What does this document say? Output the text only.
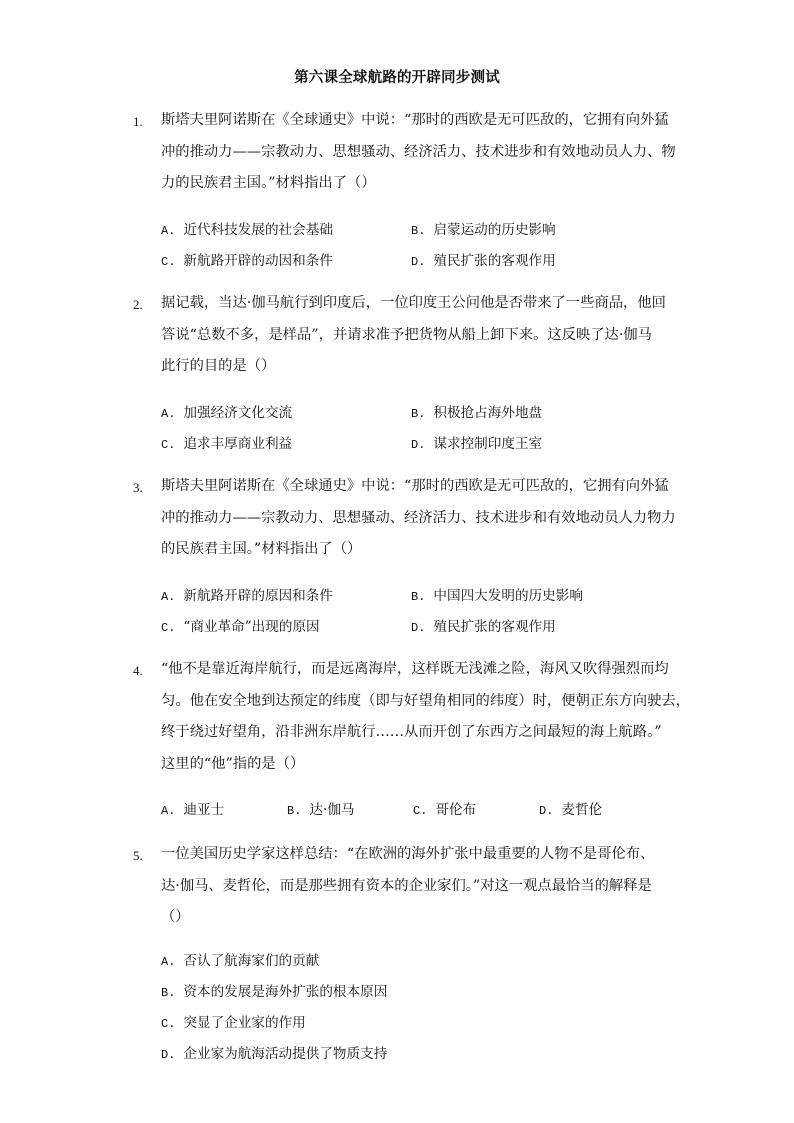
第六课全球航路的开辟同步测试
1. 斯塔夫里阿诺斯在《全球通史》中说：“那时的西欧是无可匹敌的，它拥有向外猛
冲的推动力——宗教动力、思想骚动、经济活力、技术进步和有效地动员人力、物
力的民族君主国。”材料指出了（）
A. 近代科技发展的社会基础	B. 启蒙运动的历史影响
C. 新航路开辟的动因和条件	D. 殖民扩张的客观作用
2. 据记载，当达·伽马航行到印度后，一位印度王公问他是否带来了一些商品，他回
答说“总数不多，是样品”，并请求准予把货物从船上卸下来。这反映了达·伽马
此行的目的是（）
A. 加强经济文化交流	B. 积极抢占海外地盘
C. 追求丰厚商业利益	D. 谋求控制印度王室
3. 斯塔夫里阿诺斯在《全球通史》中说：“那时的西欧是无可匹敌的，它拥有向外猛
冲的推动力——宗教动力、思想骚动、经济活力、技术进步和有效地动员人力物力
的民族君主国。”材料指出了（）
A. 新航路开辟的原因和条件	B. 中国四大发明的历史影响
C. “商业革命”出现的原因	D. 殖民扩张的客观作用
4. “他不是靠近海岸航行，而是远离海岸，这样既无浅滩之险，海风又吹得强烈而均
匀。他在安全地到达预定的纬度（即与好望角相同的纬度）时，便朝正东方向驶去，
终于绕过好望角，沿非洲东岸航行……从而开创了东西方之间最短的海上航路。”
这里的“他”指的是（）
A. 迪亚士	B. 达·伽马	C. 哥伦布	D. 麦哲伦
5. 一位美国历史学家这样总结：“在欧洲的海外扩张中最重要的人物不是哥伦布、
达·伽马、麦哲伦，而是那些拥有资本的企业家们。”对这一观点最恰当的解释是
（）
A. 否认了航海家们的贡献
B. 资本的发展是海外扩张的根本原因
C. 突显了企业家的作用
D. 企业家为航海活动提供了物质支持
